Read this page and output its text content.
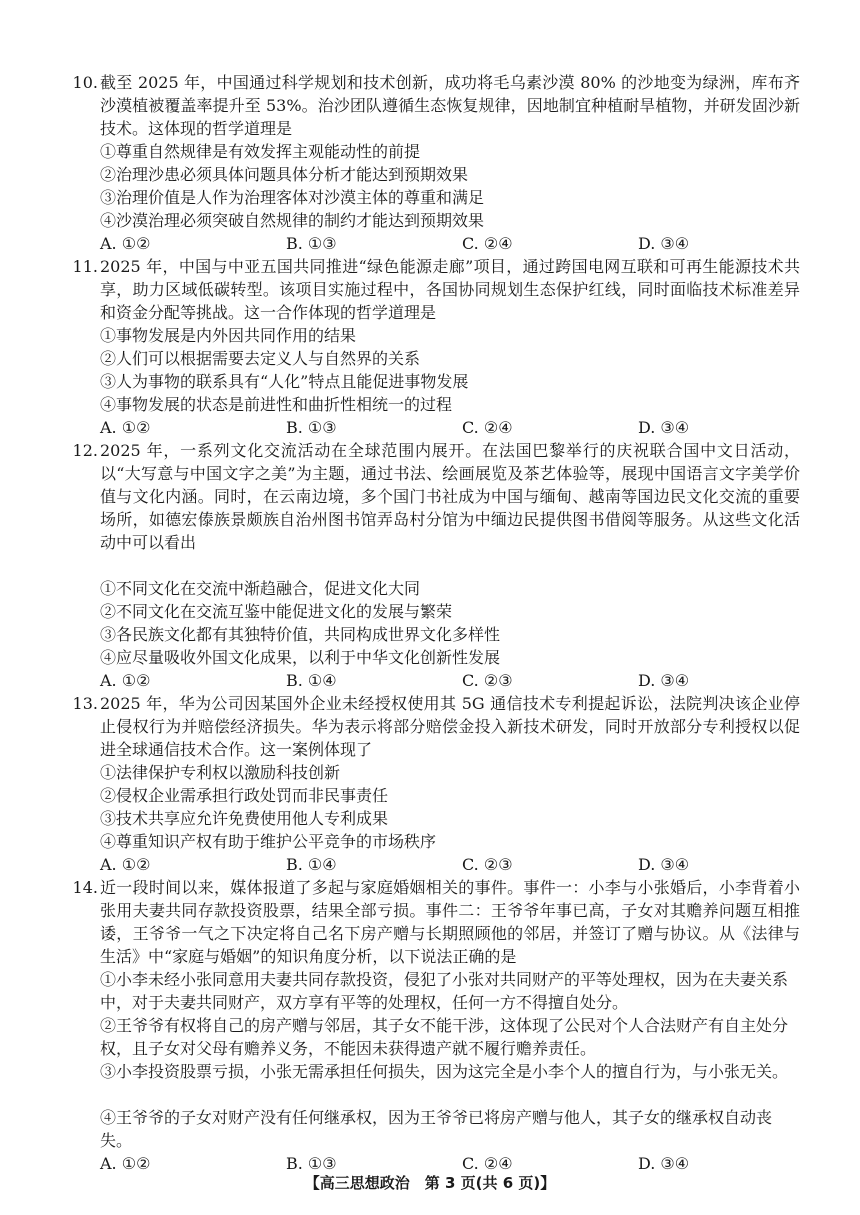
10. 截至 2025 年，中国通过科学规划和技术创新，成功将毛乌素沙漠 80% 的沙地变为绿洲，库布齐沙漠植被覆盖率提升至 53%。治沙团队遵循生态恢复规律，因地制宜种植耐旱植物，并研发固沙新技术。这体现的哲学道理是

①尊重自然规律是有效发挥主观能动性的前提

②治理沙患必须具体问题具体分析才能达到预期效果

③治理价值是人作为治理客体对沙漠主体的尊重和满足

④沙漠治理必须突破自然规律的制约才能达到预期效果

A. ①②	B. ①③	C. ②④	D. ③④

11. 2025 年，中国与中亚五国共同推进“绿色能源走廊”项目，通过跨国电网互联和可再生能源技术共享，助力区域低碳转型。该项目实施过程中，各国协同规划生态保护红线，同时面临技术标准差异和资金分配等挑战。这一合作体现的哲学道理是

①事物发展是内外因共同作用的结果

②人们可以根据需要去定义人与自然界的关系

③人为事物的联系具有“人化”特点且能促进事物发展

④事物发展的状态是前进性和曲折性相统一的过程

A. ①②	B. ①③	C. ②④	D. ③④

12. 2025 年，一系列文化交流活动在全球范围内展开。在法国巴黎举行的庆祝联合国中文日活动，以“大写意与中国文字之美”为主题，通过书法、绘画展览及茶艺体验等，展现中国语言文字美学价值与文化内涵。同时，在云南边境，多个国门书社成为中国与缅甸、越南等国边民文化交流的重要场所，如德宏傣族景颇族自治州图书馆弄岛村分馆为中缅边民提供图书借阅等服务。从这些文化活动中可以看出

①不同文化在交流中渐趋融合，促进文化大同

②不同文化在交流互鉴中能促进文化的发展与繁荣

③各民族文化都有其独特价值，共同构成世界文化多样性

④应尽量吸收外国文化成果，以利于中华文化创新性发展

A. ①②	B. ①④	C. ②③	D. ③④

13. 2025 年，华为公司因某国外企业未经授权使用其 5G 通信技术专利提起诉讼，法院判决该企业停止侵权行为并赔偿经济损失。华为表示将部分赔偿金投入新技术研发，同时开放部分专利授权以促进全球通信技术合作。这一案例体现了

①法律保护专利权以激励科技创新

②侵权企业需承担行政处罚而非民事责任

③技术共享应允许免费使用他人专利成果

④尊重知识产权有助于维护公平竞争的市场秩序

A. ①②	B. ①④	C. ②③	D. ③④

14. 近一段时间以来，媒体报道了多起与家庭婚姻相关的事件。事件一：小李与小张婚后，小李背着小张用夫妻共同存款投资股票，结果全部亏损。事件二：王爷爷年事已高，子女对其赡养问题互相推诿，王爷爷一气之下决定将自己名下房产赠与长期照顾他的邻居，并签订了赠与协议。从《法律与生活》中“家庭与婚姻”的知识角度分析，以下说法正确的是

①小李未经小张同意用夫妻共同存款投资，侵犯了小张对共同财产的平等处理权，因为在夫妻关系中，对于夫妻共同财产，双方享有平等的处理权，任何一方不得擅自处分。

②王爷爷有权将自己的房产赠与邻居，其子女不能干涉，这体现了公民对个人合法财产有自主处分权，且子女对父母有赡养义务，不能因未获得遗产就不履行赡养责任。

③小李投资股票亏损，小张无需承担任何损失，因为这完全是小李个人的擅自行为，与小张无关。

④王爷爷的子女对财产没有任何继承权，因为王爷爷已将房产赠与他人，其子女的继承权自动丧失。

A. ①②	B. ①③	C. ②④	D. ③④
【高三思想政治　第 3 页(共 6 页)】
